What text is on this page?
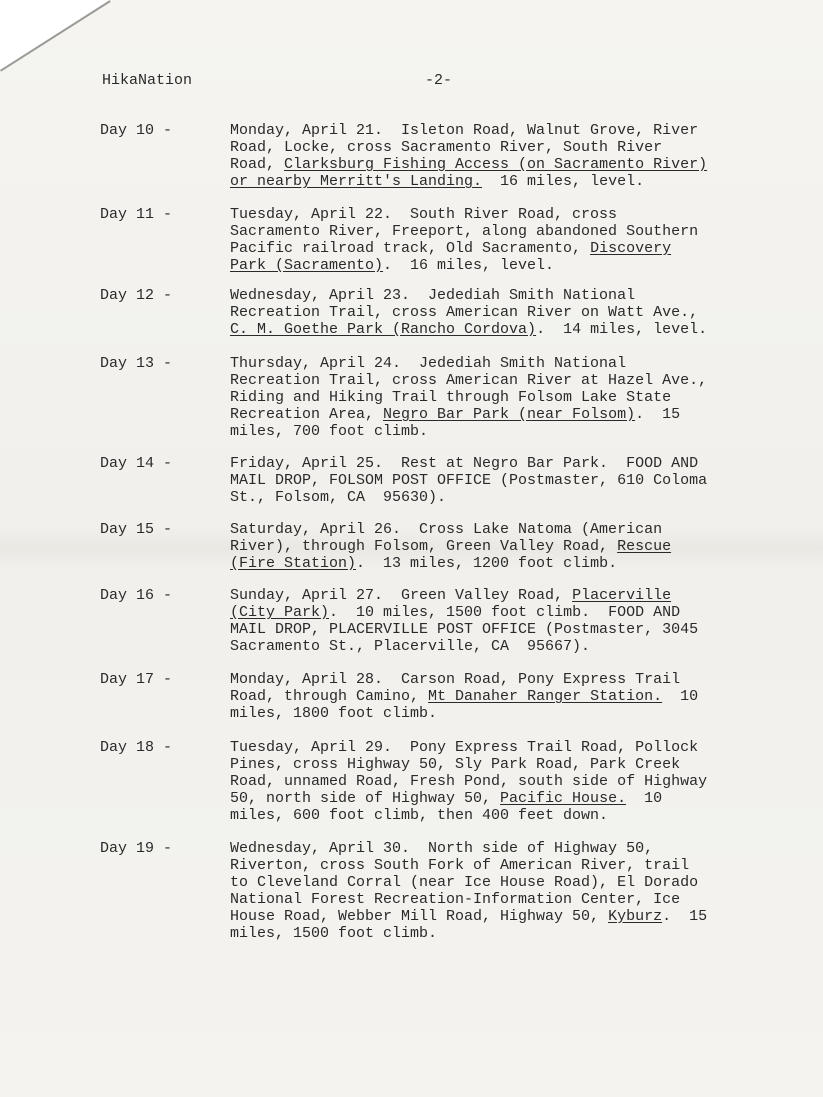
HikaNation	-2-
Day 10 -	Monday, April 21.  Isleton Road, Walnut Grove, River
Road, Locke, cross Sacramento River, South River
Road, Clarksburg Fishing Access (on Sacramento River)
or nearby Merritt's Landing.  16 miles, level.
Day 11 -	Tuesday, April 22.  South River Road, cross
Sacramento River, Freeport, along abandoned Southern
Pacific railroad track, Old Sacramento, Discovery
Park (Sacramento).  16 miles, level.
Day 12 -	Wednesday, April 23.  Jedediah Smith National
Recreation Trail, cross American River on Watt Ave.,
C. M. Goethe Park (Rancho Cordova).  14 miles, level.
Day 13 -	Thursday, April 24.  Jedediah Smith National
Recreation Trail, cross American River at Hazel Ave.,
Riding and Hiking Trail through Folsom Lake State
Recreation Area, Negro Bar Park (near Folsom).  15
miles, 700 foot climb.
Day 14 -	Friday, April 25.  Rest at Negro Bar Park.  FOOD AND
MAIL DROP, FOLSOM POST OFFICE (Postmaster, 610 Coloma
St., Folsom, CA  95630).
Day 15 -	Saturday, April 26.  Cross Lake Natoma (American
River), through Folsom, Green Valley Road, Rescue
(Fire Station).  13 miles, 1200 foot climb.
Day 16 -	Sunday, April 27.  Green Valley Road, Placerville
(City Park).  10 miles, 1500 foot climb.  FOOD AND
MAIL DROP, PLACERVILLE POST OFFICE (Postmaster, 3045
Sacramento St., Placerville, CA  95667).
Day 17 -	Monday, April 28.  Carson Road, Pony Express Trail
Road, through Camino, Mt Danaher Ranger Station.  10
miles, 1800 foot climb.
Day 18 -	Tuesday, April 29.  Pony Express Trail Road, Pollock
Pines, cross Highway 50, Sly Park Road, Park Creek
Road, unnamed Road, Fresh Pond, south side of Highway
50, north side of Highway 50, Pacific House.  10
miles, 600 foot climb, then 400 feet down.
Day 19 -	Wednesday, April 30.  North side of Highway 50,
Riverton, cross South Fork of American River, trail
to Cleveland Corral (near Ice House Road), El Dorado
National Forest Recreation-Information Center, Ice
House Road, Webber Mill Road, Highway 50, Kyburz.  15
miles, 1500 foot climb.
